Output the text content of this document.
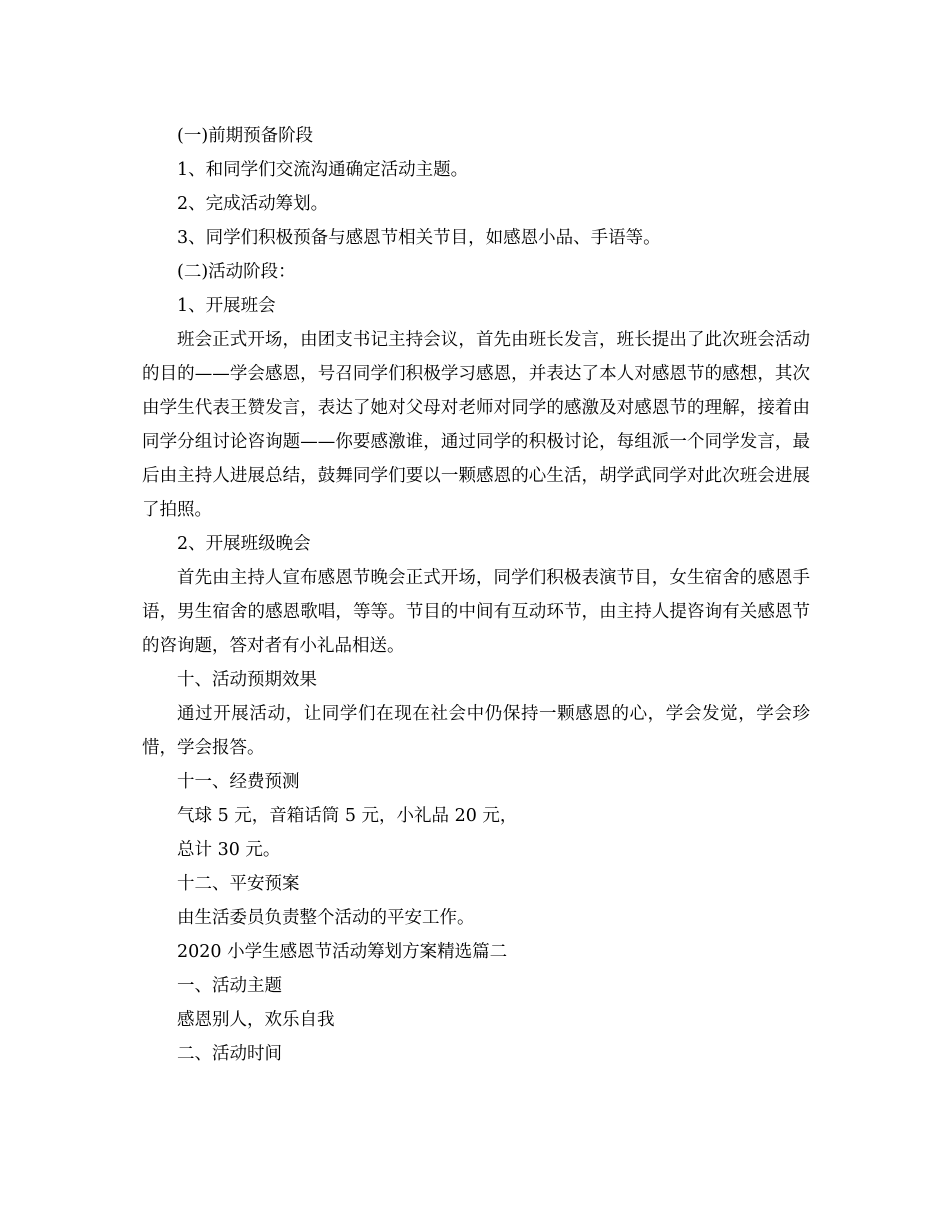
(一)前期预备阶段

1、和同学们交流沟通确定活动主题。

2、完成活动筹划。

3、同学们积极预备与感恩节相关节目，如感恩小品、手语等。

(二)活动阶段：

1、开展班会

班会正式开场，由团支书记主持会议，首先由班长发言，班长提出了此次班会活动的目的——学会感恩，号召同学们积极学习感恩，并表达了本人对感恩节的感想，其次由学生代表王赞发言，表达了她对父母对老师对同学的感激及对感恩节的理解，接着由同学分组讨论咨询题——你要感激谁，通过同学的积极讨论，每组派一个同学发言，最后由主持人进展总结，鼓舞同学们要以一颗感恩的心生活，胡学武同学对此次班会进展了拍照。

2、开展班级晚会

首先由主持人宣布感恩节晚会正式开场，同学们积极表演节目，女生宿舍的感恩手语，男生宿舍的感恩歌唱，等等。节目的中间有互动环节，由主持人提咨询有关感恩节的咨询题，答对者有小礼品相送。

十、活动预期效果

通过开展活动，让同学们在现在社会中仍保持一颗感恩的心，学会发觉，学会珍惜，学会报答。

十一、经费预测

气球 5 元，音箱话筒 5 元，小礼品 20 元，

总计 30 元。

十二、平安预案

由生活委员负责整个活动的平安工作。

2020 小学生感恩节活动筹划方案精选篇二

一、活动主题

感恩别人，欢乐自我

二、活动时间
